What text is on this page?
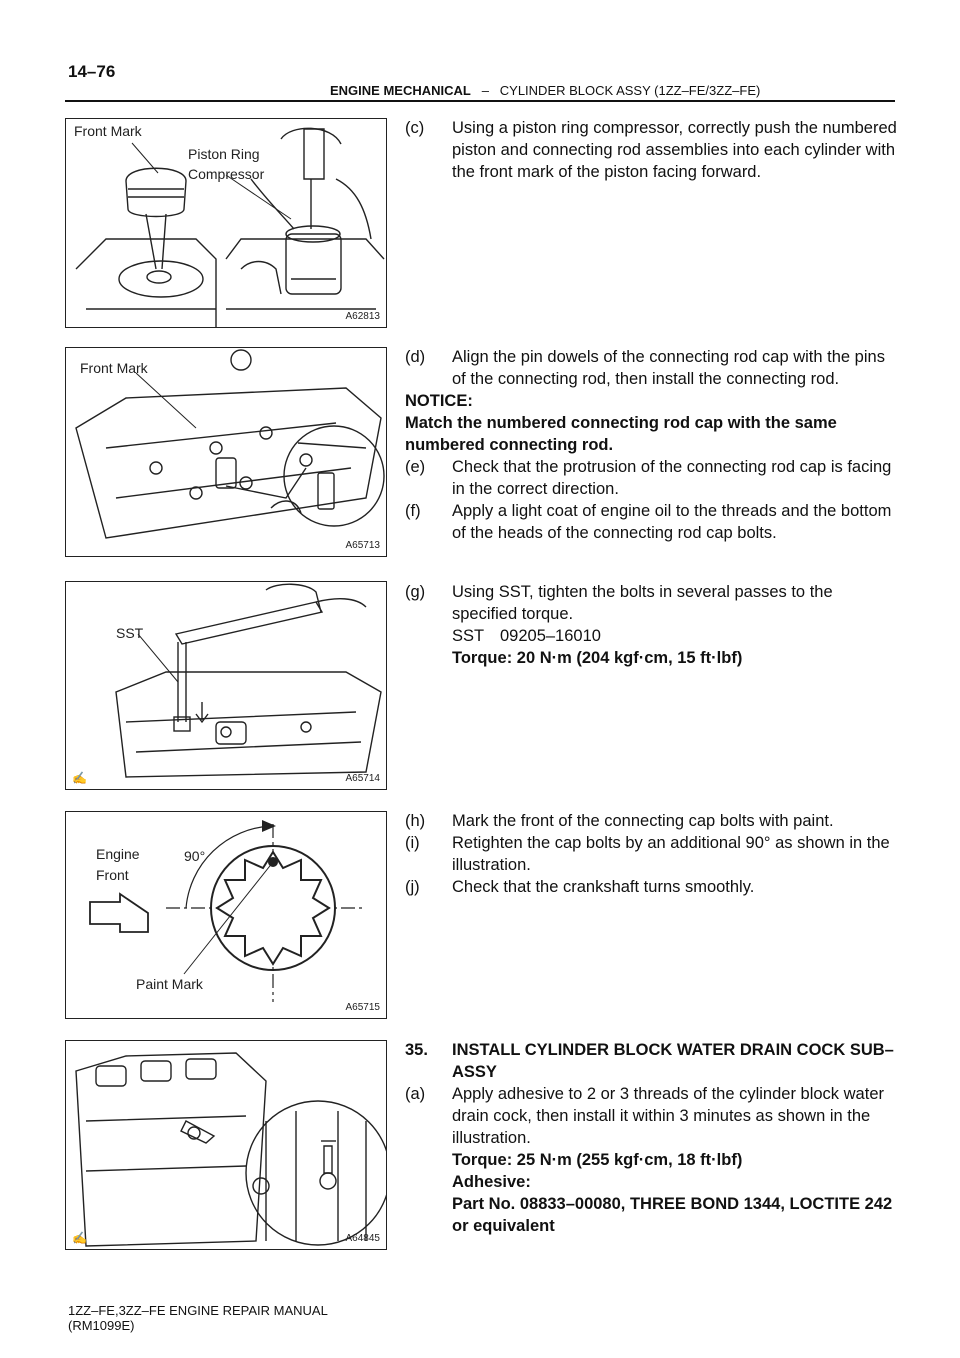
14–76
ENGINE MECHANICAL – CYLINDER BLOCK ASSY (1ZZ–FE/3ZZ–FE)
Front Mark
Piston Ring
Compressor
A62813
Front Mark
A65713
SST
✍	A65714
Engine
Front
90°
Paint Mark
A65715
✍	A64845

(c) Using a piston ring compressor, correctly push the numbered piston and connecting rod assemblies into each cylinder with the front mark of the piston facing forward.

(d) Align the pin dowels of the connecting rod cap with the pins of the connecting rod, then install the connecting rod.

NOTICE:

Match the numbered connecting rod cap with the same numbered connecting rod.

(e) Check that the protrusion of the connecting rod cap is facing in the correct direction.

(f) Apply a light coat of engine oil to the threads and the bottom of the heads of the connecting rod cap bolts.

(g) Using SST, tighten the bolts in several passes to the specified torque.

SST 09205–16010

Torque: 20 N·m (204 kgf·cm, 15 ft·lbf)

(h) Mark the front of the connecting cap bolts with paint.

(i) Retighten the cap bolts by an additional 90° as shown in the illustration.

(j) Check that the crankshaft turns smoothly.

35. INSTALL CYLINDER BLOCK WATER DRAIN COCK SUB–ASSY

(a) Apply adhesive to 2 or 3 threads of the cylinder block water drain cock, then install it within 3 minutes as shown in the illustration.

Torque: 25 N·m (255 kgf·cm, 18 ft·lbf)

Adhesive:

Part No. 08833–00080, THREE BOND 1344, LOCTITE 242 or equivalent

1ZZ–FE,3ZZ–FE ENGINE REPAIR MANUAL
(RM1099E)
